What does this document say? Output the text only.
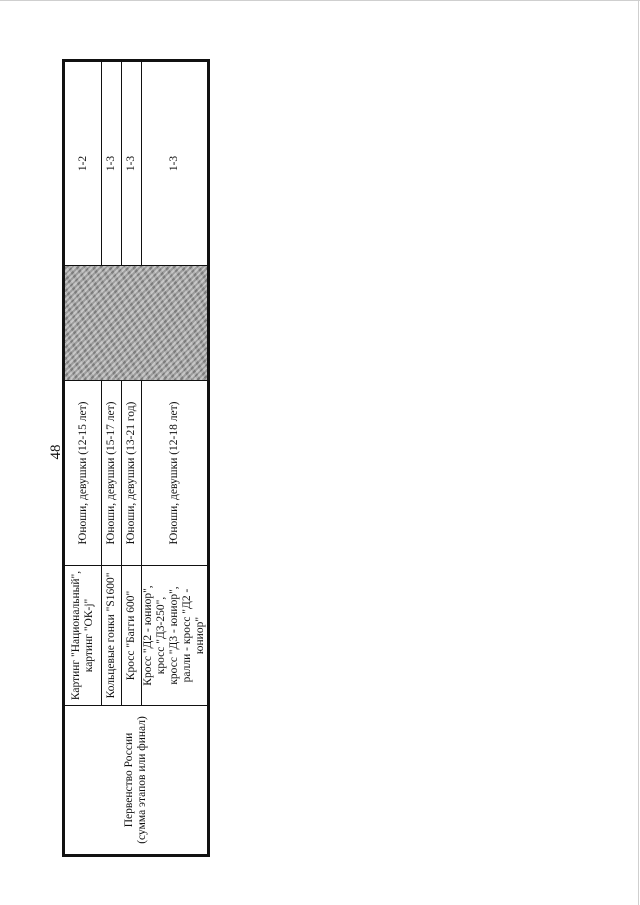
48
Первенство России (сумма этапов или финал)	Картинг "Национальный", картинг "ОК-j"	Юноши, девушки (12-15 лет)		1-2
	Кольцевые гонки "S1600"	Юноши, девушки (15-17 лет)		1-3
	Кросс "Багги 600"	Юноши, девушки (13-21 год)		1-3

	Кросс "Д2 - юниор", кросс "Д3-250", кросс "Д3 - юниор", ралли - кросс "Д2 - юниор"	Юноши, девушки (12-18 лет)		1-3
